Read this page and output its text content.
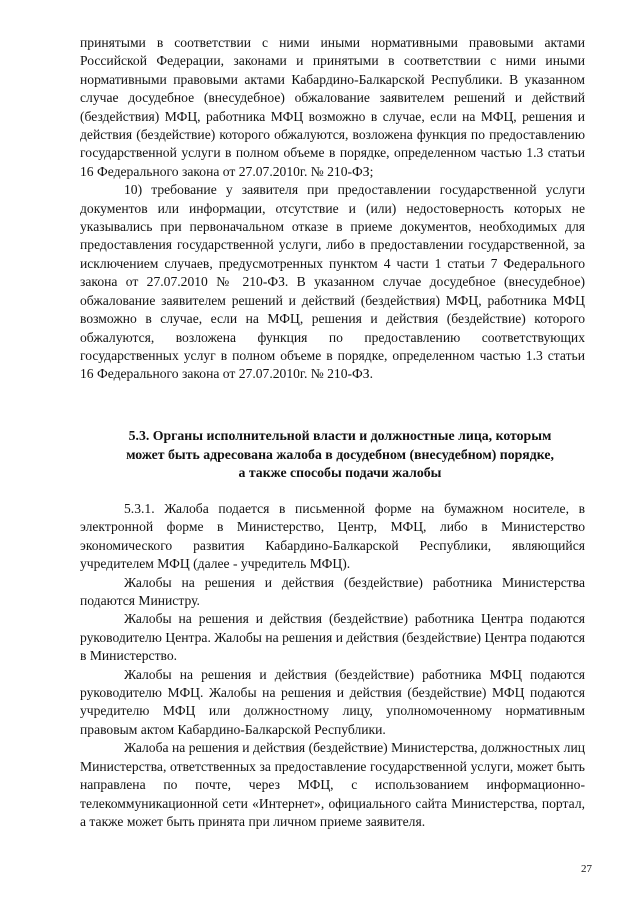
принятыми в соответствии с ними иными нормативными правовыми актами Российской Федерации, законами и принятыми в соответствии с ними иными нормативными правовыми актами Кабардино-Балкарской Республики. В указанном случае досудебное (внесудебное) обжалование заявителем решений и действий (бездействия) МФЦ, работника МФЦ возможно в случае, если на МФЦ, решения и действия (бездействие) которого обжалуются, возложена функция по предоставлению государственной услуги в полном объеме в порядке, определенном частью 1.3 статьи 16 Федерального закона от 27.07.2010г. № 210-ФЗ;

10) требование у заявителя при предоставлении государственной услуги документов или информации, отсутствие и (или) недостоверность которых не указывались при первоначальном отказе в приеме документов, необходимых для предоставления государственной услуги, либо в предоставлении государственной, за исключением случаев, предусмотренных пунктом 4 части 1 статьи 7 Федерального закона от 27.07.2010 № 210-ФЗ. В указанном случае досудебное (внесудебное) обжалование заявителем решений и действий (бездействия) МФЦ, работника МФЦ возможно в случае, если на МФЦ, решения и действия (бездействие) которого обжалуются, возложена функция по предоставлению соответствующих государственных услуг в полном объеме в порядке, определенном частью 1.3 статьи 16 Федерального закона от 27.07.2010г. № 210-ФЗ.

5.3. Органы исполнительной власти и должностные лица, которым
может быть адресована жалоба в досудебном (внесудебном) порядке,
а также способы подачи жалобы

5.3.1. Жалоба подается в письменной форме на бумажном носителе, в электронной форме в Министерство, Центр, МФЦ, либо в Министерство экономического развития Кабардино-Балкарской Республики, являющийся учредителем МФЦ (далее - учредитель МФЦ).

Жалобы на решения и действия (бездействие) работника Министерства подаются Министру.

Жалобы на решения и действия (бездействие) работника Центра подаются руководителю Центра. Жалобы на решения и действия (бездействие) Центра подаются в Министерство.

Жалобы на решения и действия (бездействие) работника МФЦ подаются руководителю МФЦ. Жалобы на решения и действия (бездействие) МФЦ подаются учредителю МФЦ или должностному лицу, уполномоченному нормативным правовым актом Кабардино-Балкарской Республики.

Жалоба на решения и действия (бездействие) Министерства, должностных лиц Министерства, ответственных за предоставление государственной услуги, может быть направлена по почте, через МФЦ, с использованием информационно-телекоммуникационной сети «Интернет», официального сайта Министерства, портал, а также может быть принята при личном приеме заявителя.

27
